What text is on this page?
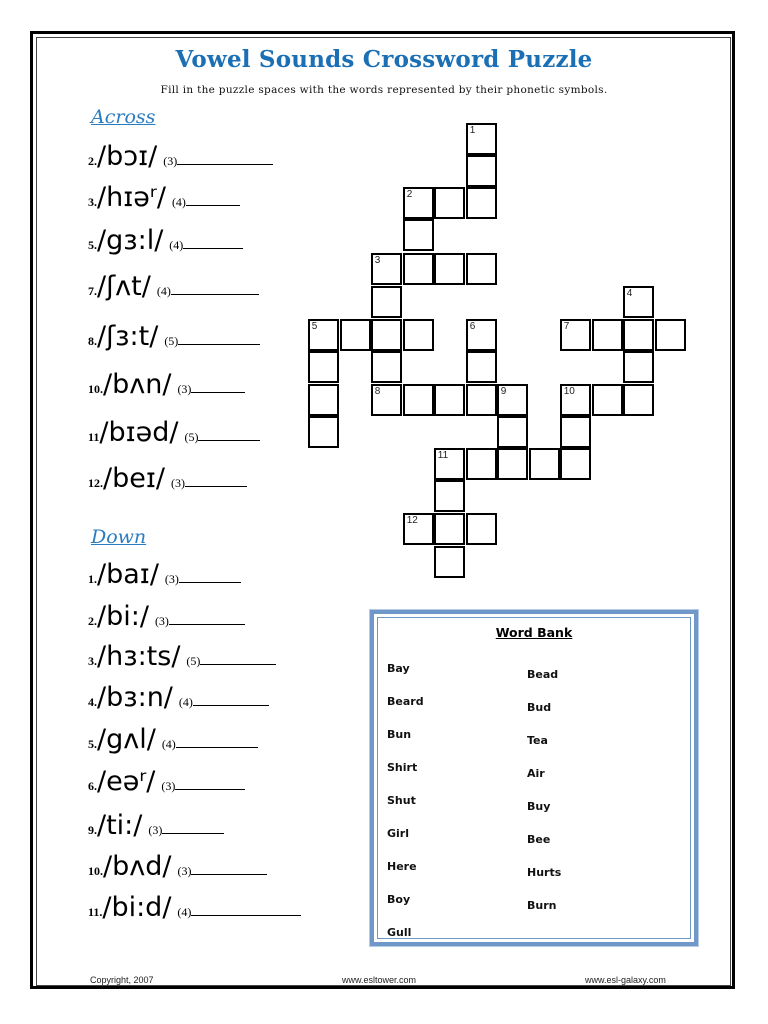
Vowel Sounds Crossword Puzzle
Fill in the puzzle spaces with the words represented by their phonetic symbols.
Across
2./bɔɪ/ (3)
3./hɪəʳ/ (4)
5./gɜ:l/ (4)
7./ʃʌt/ (4)
8./ʃɜ:t/ (5)
10./bʌn/ (3)
11/bɪəd/ (5)
12./beɪ/ (3)
Down
1./baɪ/ (3)
2./bi:/ (3)
3./hɜ:ts/ (5)
4./bɜ:n/ (4)
5./gʌl/ (4)
6./eəʳ/ (3)
9./ti:/ (3)
10./bʌd/ (3)
11./bi:d/ (4)
1
2
3
4
5	6	7
8	9	10
11
12
Word Bank
Bay
Beard
Bun
Shirt
Shut
Girl
Here
Boy
Gull
Bead
Bud
Tea
Air
Buy
Bee
Hurts
Burn
Copyright, 2007	www.esltower.com	www.esl-galaxy.com
